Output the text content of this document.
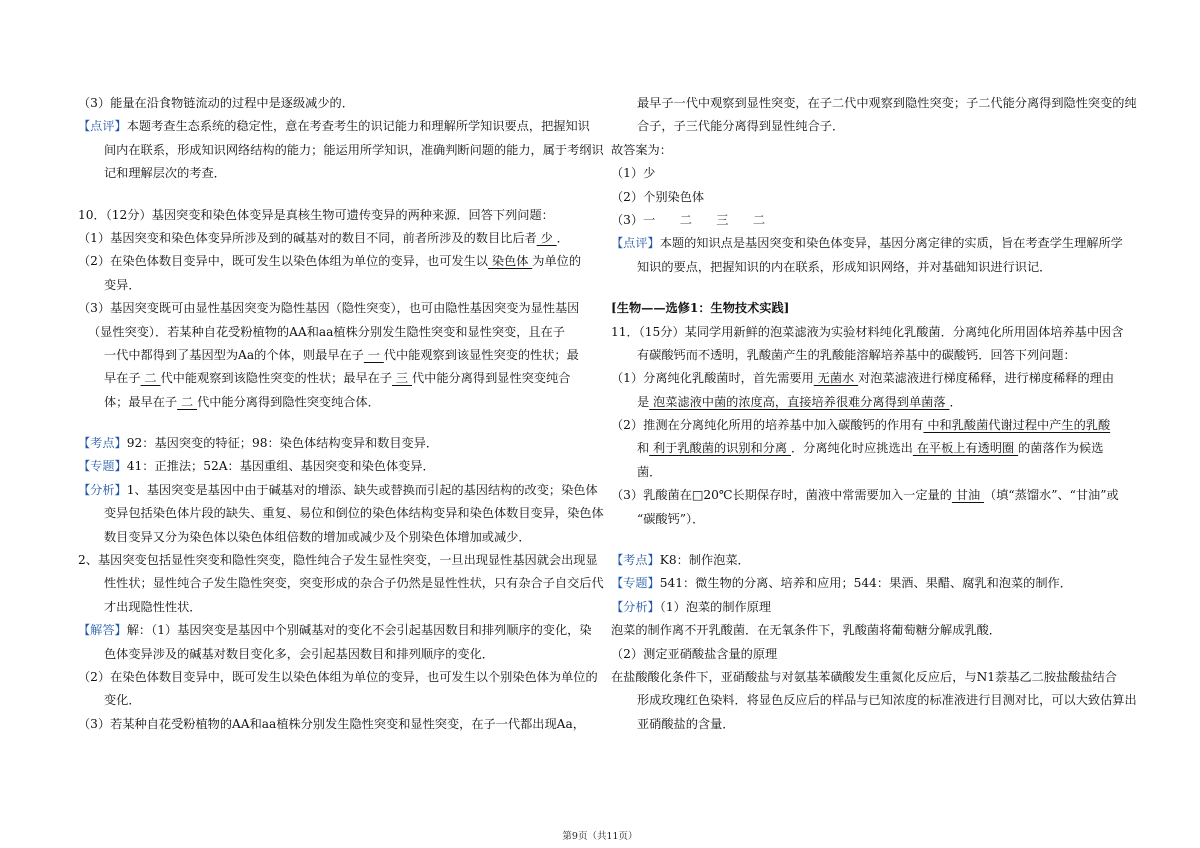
（3）能量在沿食物链流动的过程中是逐级减少的．
【点评】本题考查生态系统的稳定性，意在考查考生的识记能力和理解所学知识要点，把握知识
间内在联系，形成知识网络结构的能力；能运用所学知识，准确判断问题的能力，属于考纲识
记和理解层次的考查．
10．（12分）基因突变和染色体变异是真核生物可遗传变异的两种来源．回答下列问题：
（1）基因突变和染色体变异所涉及到的碱基对的数目不同，前者所涉及的数目比后者 少 ．
（2）在染色体数目变异中，既可发生以染色体组为单位的变异，也可发生以 染色体 为单位的
变异．
（3）基因突变既可由显性基因突变为隐性基因（隐性突变），也可由隐性基因突变为显性基因
（显性突变）．若某种自花受粉植物的AA和aa植株分别发生隐性突变和显性突变，且在子
一代中都得到了基因型为Aa的个体，则最早在子 一 代中能观察到该显性突变的性状；最
早在子 二 代中能观察到该隐性突变的性状；最早在子 三 代中能分离得到显性突变纯合
体；最早在子 二 代中能分离得到隐性突变纯合体．
【考点】92：基因突变的特征；98：染色体结构变异和数目变异．
【专题】41：正推法；52A：基因重组、基因突变和染色体变异．
【分析】1、基因突变是基因中由于碱基对的增添、缺失或替换而引起的基因结构的改变；染色体
变异包括染色体片段的缺失、重复、易位和倒位的染色体结构变异和染色体数目变异，染色体
数目变异又分为染色体以染色体组倍数的增加或减少及个别染色体增加或减少．
2、基因突变包括显性突变和隐性突变，隐性纯合子发生显性突变，一旦出现显性基因就会出现显
性性状；显性纯合子发生隐性突变，突变形成的杂合子仍然是显性性状，只有杂合子自交后代
才出现隐性性状．
【解答】解：（1）基因突变是基因中个别碱基对的变化不会引起基因数目和排列顺序的变化，染
色体变异涉及的碱基对数目变化多，会引起基因数目和排列顺序的变化．
（2）在染色体数目变异中，既可发生以染色体组为单位的变异，也可发生以个别染色体为单位的
变化．
（3）若某种自花受粉植物的AA和aa植株分别发生隐性突变和显性突变，在子一代都出现Aa，
最早子一代中观察到显性突变，在子二代中观察到隐性突变；子二代能分离得到隐性突变的纯
合子，子三代能分离得到显性纯合子．
故答案为：
（1）少
（2）个别染色体
（3）一　　二　　三　　二
【点评】本题的知识点是基因突变和染色体变异，基因分离定律的实质，旨在考查学生理解所学
知识的要点，把握知识的内在联系，形成知识网络，并对基础知识进行识记．
[生物——选修1：生物技术实践]
11．（15分）某同学用新鲜的泡菜滤液为实验材料纯化乳酸菌．分离纯化所用固体培养基中因含
有碳酸钙而不透明，乳酸菌产生的乳酸能溶解培养基中的碳酸钙．回答下列问题：
（1）分离纯化乳酸菌时，首先需要用 无菌水 对泡菜滤液进行梯度稀释，进行梯度稀释的理由
是 泡菜滤液中菌的浓度高，直接培养很难分离得到单菌落 ．
（2）推测在分离纯化所用的培养基中加入碳酸钙的作用有 中和乳酸菌代谢过程中产生的乳酸
和 利于乳酸菌的识别和分离 ．分离纯化时应挑选出 在平板上有透明圈 的菌落作为候选
菌．
（3）乳酸菌在□20℃长期保存时，菌液中常需要加入一定量的 甘油 （填“蒸馏水”、“甘油”或
“碳酸钙”）．
【考点】K8：制作泡菜．
【专题】541：微生物的分离、培养和应用；544：果酒、果醋、腐乳和泡菜的制作．
【分析】（1）泡菜的制作原理
泡菜的制作离不开乳酸菌．在无氧条件下，乳酸菌将葡萄糖分解成乳酸．
（2）测定亚硝酸盐含量的原理
在盐酸酸化条件下，亚硝酸盐与对氨基苯磺酸发生重氮化反应后，与N1萘基乙二胺盐酸盐结合
形成玫瑰红色染料．将显色反应后的样品与已知浓度的标准液进行目测对比，可以大致估算出
亚硝酸盐的含量．
第9页（共11页）
